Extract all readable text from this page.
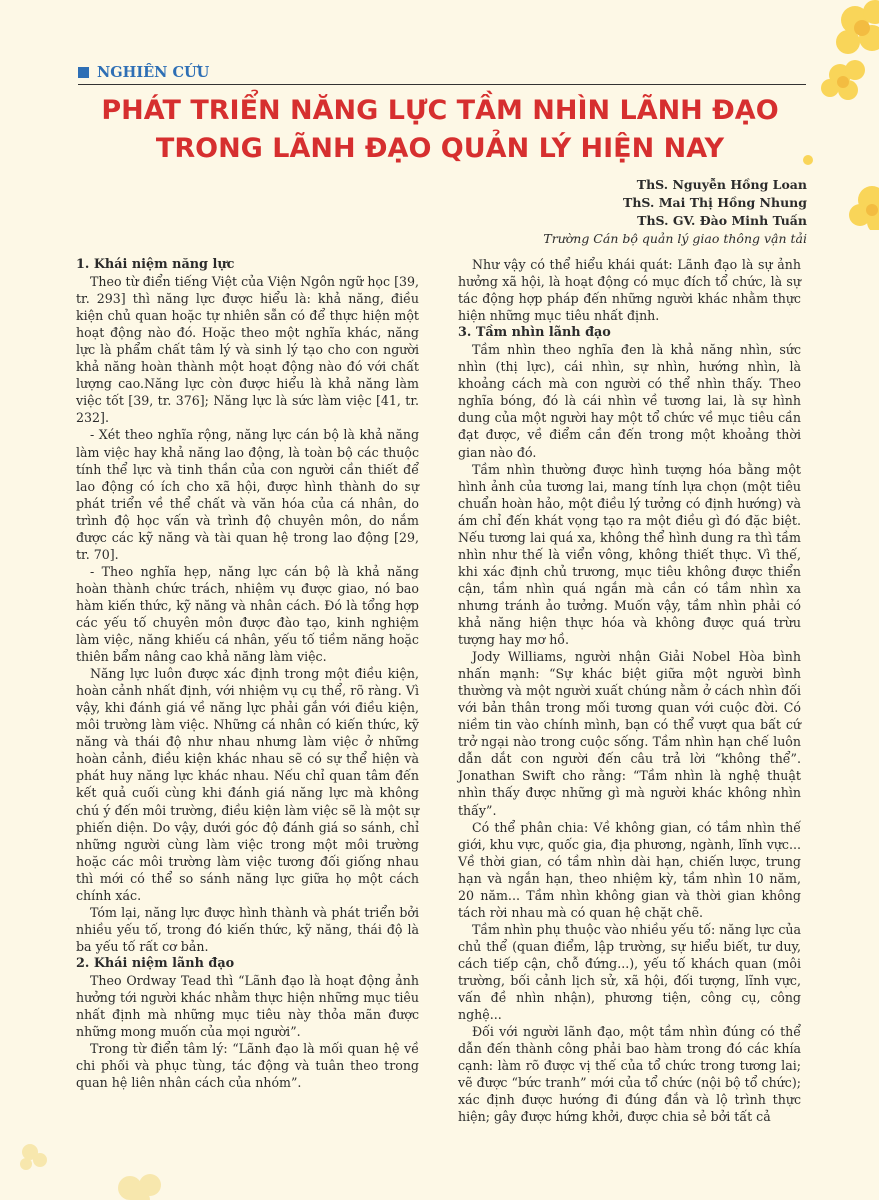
NGHIÊN CỨU
PHÁT TRIỂN NĂNG LỰC TẦM NHÌN LÃNH ĐẠO
TRONG LÃNH ĐẠO QUẢN LÝ HIỆN NAY
ThS. Nguyễn Hồng Loan
ThS. Mai Thị Hồng Nhung
ThS. GV. Đào Minh Tuấn
Trường Cán bộ quản lý giao thông vận tải
1. Khái niệm năng lực

Theo từ điển tiếng Việt của Viện Ngôn ngữ học [39, tr. 293] thì năng lực được hiểu là: khả năng, điều kiện chủ quan hoặc tự nhiên sẵn có để thực hiện một hoạt động nào đó. Hoặc theo một nghĩa khác, năng lực là phẩm chất tâm lý và sinh lý tạo cho con người khả năng hoàn thành một hoạt động nào đó với chất lượng cao.Năng lực còn được hiểu là khả năng làm việc tốt [39, tr. 376]; Năng lực là sức làm việc [41, tr. 232].

- Xét theo nghĩa rộng, năng lực cán bộ là khả năng làm việc hay khả năng lao động, là toàn bộ các thuộc tính thể lực và tinh thần của con người cần thiết để lao động có ích cho xã hội, được hình thành do sự phát triển về thể chất và văn hóa của cá nhân, do trình độ học vấn và trình độ chuyên môn, do nắm được các kỹ năng và tài quan hệ trong lao động [29, tr. 70].

- Theo nghĩa hẹp, năng lực cán bộ là khả năng hoàn thành chức trách, nhiệm vụ được giao, nó bao hàm kiến thức, kỹ năng và nhân cách. Đó là tổng hợp các yếu tố chuyên môn được đào tạo, kinh nghiệm làm việc, năng khiếu cá nhân, yếu tố tiềm năng hoặc thiên bẩm nâng cao khả năng làm việc.

Năng lực luôn được xác định trong một điều kiện, hoàn cảnh nhất định, với nhiệm vụ cụ thể, rõ ràng. Vì vậy, khi đánh giá về năng lực phải gắn với điều kiện, môi trường làm việc. Những cá nhân có kiến thức, kỹ năng và thái độ như nhau nhưng làm việc ở những hoàn cảnh, điều kiện khác nhau sẽ có sự thể hiện và phát huy năng lực khác nhau. Nếu chỉ quan tâm đến kết quả cuối cùng khi đánh giá năng lực mà không chú ý đến môi trường, điều kiện làm việc sẽ là một sự phiến diện. Do vậy, dưới góc độ đánh giá so sánh, chỉ những người cùng làm việc trong một môi trường hoặc các môi trường làm việc tương đối giống nhau thì mới có thể so sánh năng lực giữa họ một cách chính xác.

Tóm lại, năng lực được hình thành và phát triển bởi nhiều yếu tố, trong đó kiến thức, kỹ năng, thái độ là ba yếu tố rất cơ bản.

2. Khái niệm lãnh đạo

Theo Ordway Tead thì “Lãnh đạo là hoạt động ảnh hưởng tới người khác nhằm thực hiện những mục tiêu nhất định mà những mục tiêu này thỏa mãn được những mong muốn của mọi người”.

Trong từ điển tâm lý: “Lãnh đạo là mối quan hệ về chi phối và phục tùng, tác động và tuân theo trong quan hệ liên nhân cách của nhóm”.

Như vậy có thể hiểu khái quát: Lãnh đạo là sự ảnh hưởng xã hội, là hoạt động có mục đích tổ chức, là sự tác động hợp pháp đến những người khác nhằm thực hiện những mục tiêu nhất định.

3. Tầm nhìn lãnh đạo

Tầm nhìn theo nghĩa đen là khả năng nhìn, sức nhìn (thị lực), cái nhìn, sự nhìn, hướng nhìn, là khoảng cách mà con người có thể nhìn thấy. Theo nghĩa bóng, đó là cái nhìn về tương lai, là sự hình dung của một người hay một tổ chức về mục tiêu cần đạt được, về điểm cần đến trong một khoảng thời gian nào đó.

Tầm nhìn thường được hình tượng hóa bằng một hình ảnh của tương lai, mang tính lựa chọn (một tiêu chuẩn hoàn hảo, một điều lý tưởng có định hướng) và ám chỉ đến khát vọng tạo ra một điều gì đó đặc biệt. Nếu tương lai quá xa, không thể hình dung ra thì tầm nhìn như thế là viển vông, không thiết thực. Vì thế, khi xác định chủ trương, mục tiêu không được thiển cận, tầm nhìn quá ngắn mà cần có tầm nhìn xa nhưng tránh ảo tưởng. Muốn vậy, tầm nhìn phải có khả năng hiện thực hóa và không được quá trừu tượng hay mơ hồ.

Jody Williams, người nhận Giải Nobel Hòa bình nhấn mạnh: “Sự khác biệt giữa một người bình thường và một người xuất chúng nằm ở cách nhìn đối với bản thân trong mối tương quan với cuộc đời. Có niềm tin vào chính mình, bạn có thể vượt qua bất cứ trở ngại nào trong cuộc sống. Tầm nhìn hạn chế luôn dẫn dắt con người đến câu trả lời “không thể”. Jonathan Swift cho rằng: “Tầm nhìn là nghệ thuật nhìn thấy được những gì mà người khác không nhìn thấy”.

Có thể phân chia: Về không gian, có tầm nhìn thế giới, khu vực, quốc gia, địa phương, ngành, lĩnh vực... Về thời gian, có tầm nhìn dài hạn, chiến lược, trung hạn và ngắn hạn, theo nhiệm kỳ, tầm nhìn 10 năm, 20 năm... Tầm nhìn không gian và thời gian không tách rời nhau mà có quan hệ chặt chẽ.

Tầm nhìn phụ thuộc vào nhiều yếu tố: năng lực của chủ thể (quan điểm, lập trường, sự hiểu biết, tư duy, cách tiếp cận, chỗ đứng...), yếu tố khách quan (môi trường, bối cảnh lịch sử, xã hội, đối tượng, lĩnh vực, vấn đề nhìn nhận), phương tiện, công cụ, công nghệ...

Đối với người lãnh đạo, một tầm nhìn đúng có thể dẫn đến thành công phải bao hàm trong đó các khía cạnh: làm rõ được vị thế của tổ chức trong tương lai; vẽ được “bức tranh” mới của tổ chức (nội bộ tổ chức); xác định được hướng đi đúng đắn và lộ trình thực hiện; gây được hứng khởi, được chia sẻ bởi tất cả
